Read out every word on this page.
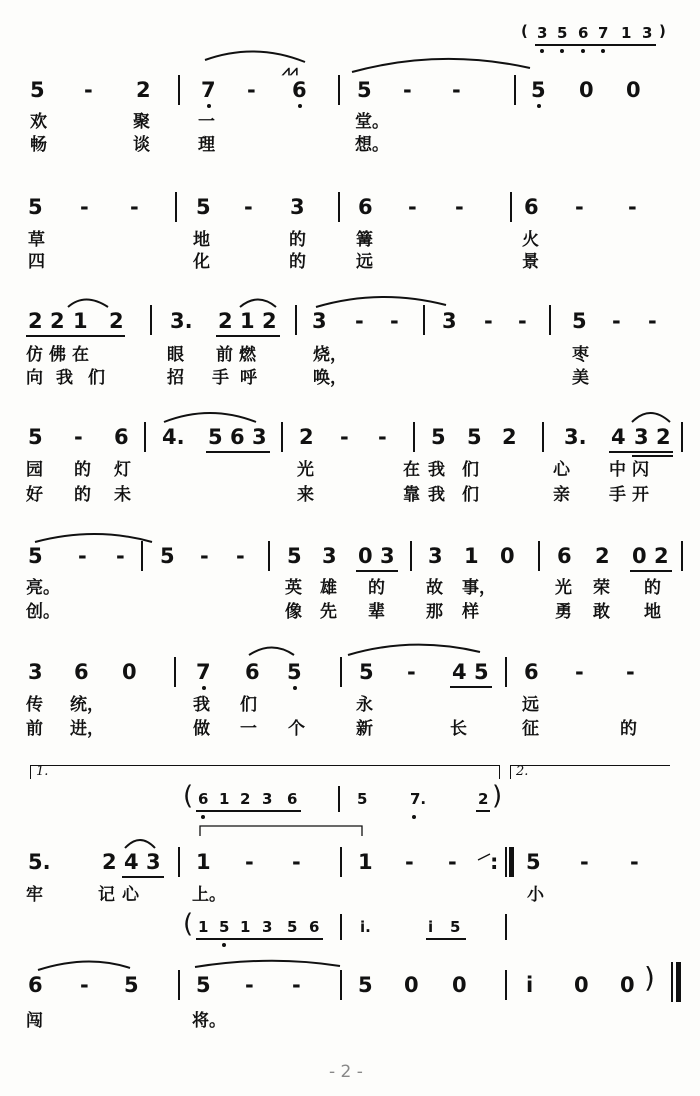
⩘⩘
( 3 5 6 7 1 3 )
5 - 2 7 - 6 5 - -	5 0 0
欢	聚	一	堂。
畅	谈	理	想。
5 - -	5 - 3	6 - -	6 - -
草	地	的	篝	火
四	化	的	远	景
2 2 1 2 3. 2 1 2 3 - - 3 - - 5 - -
仿 佛 在	眼 前 燃	烧，	枣
向 我 们	招 手 呼	唤，	美
5 - 6 4. 5 6 3 2 - - 5 5 2 3. 4 3 2
园 的 灯	光	在 我 们	心 中 闪
好 的 未	来	靠 我 们	亲 手 开
5 - - 5 - - 5 3 0 3 3 1 0 6 2 0 2
亮。	英 雄 的 故 事，	光 荣 的
创。	像 先 辈 那 样	勇 敢 地
3 6 0	7 6 5	5 - 4 5 6 - -
传 统，	我 们	永	远
前 进，	做 一 个	新	长	征	的
1.	2.
( 6 1 2 3 6	5	7.	2 )
5. 2 4 3 1 - -	1 - - : 5 - -
牢	记 心	上。	小
( 1 5 1 3 5 6	i.	i 5
6 - 5	5 - -	5 0 0	i 0 0 )
闯	将。
- 2 -
